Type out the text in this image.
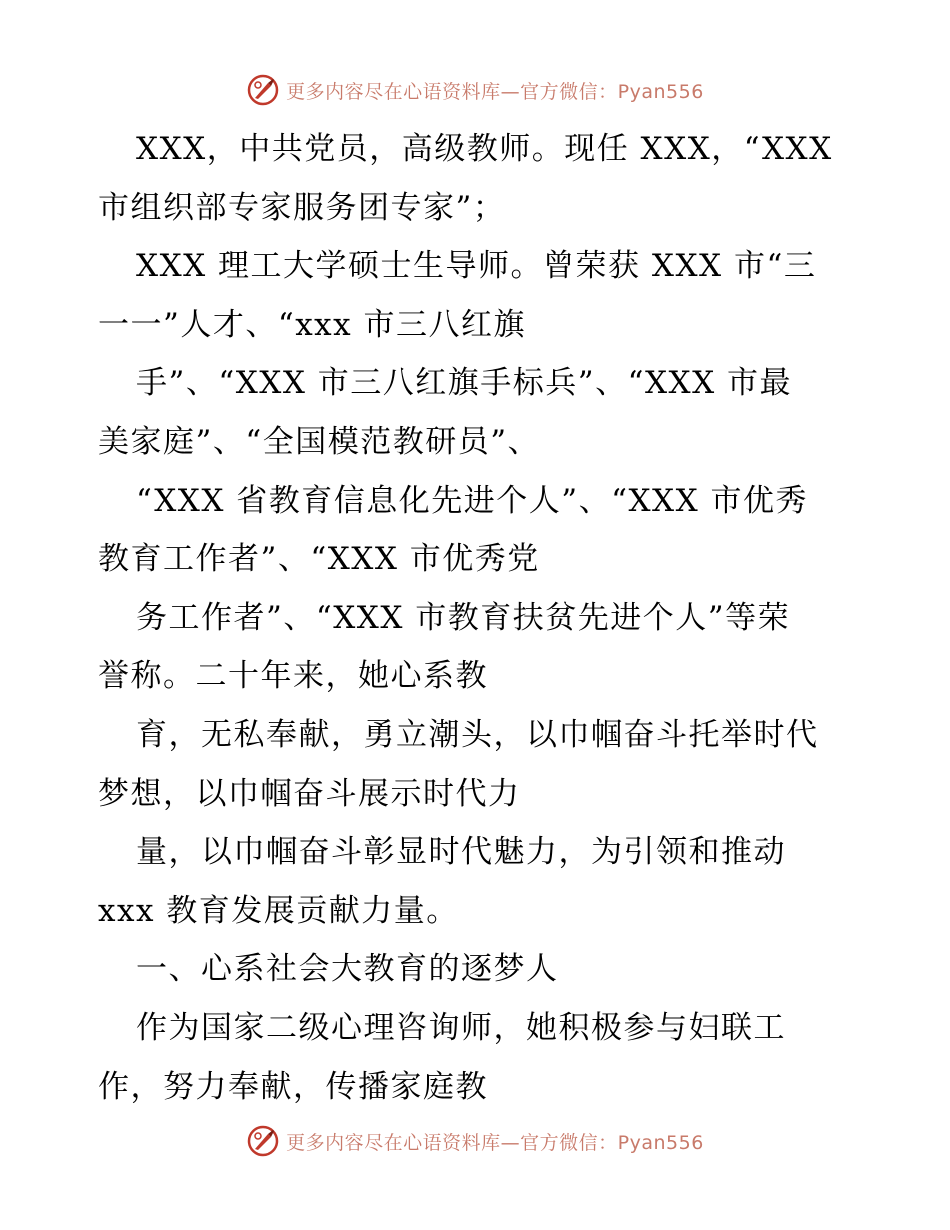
更多内容尽在心语资料库—官方微信：Pyan556
XXX，中共党员，高级教师。现任 XXX，“XXX
市组织部专家服务团专家”；
XXX 理工大学硕士生导师。曾荣获 XXX 市“三
一一”人才、“xxx 市三八红旗
手”、“XXX 市三八红旗手标兵”、“XXX 市最
美家庭”、“全国模范教研员”、
“XXX 省教育信息化先进个人”、“XXX 市优秀
教育工作者”、“XXX 市优秀党
务工作者”、“XXX 市教育扶贫先进个人”等荣
誉称。二十年来，她心系教
育，无私奉献，勇立潮头，以巾帼奋斗托举时代
梦想，以巾帼奋斗展示时代力
量，以巾帼奋斗彰显时代魅力，为引领和推动
xxx 教育发展贡献力量。
一、心系社会大教育的逐梦人
作为国家二级心理咨询师，她积极参与妇联工
作，努力奉献，传播家庭教
更多内容尽在心语资料库—官方微信：Pyan556
